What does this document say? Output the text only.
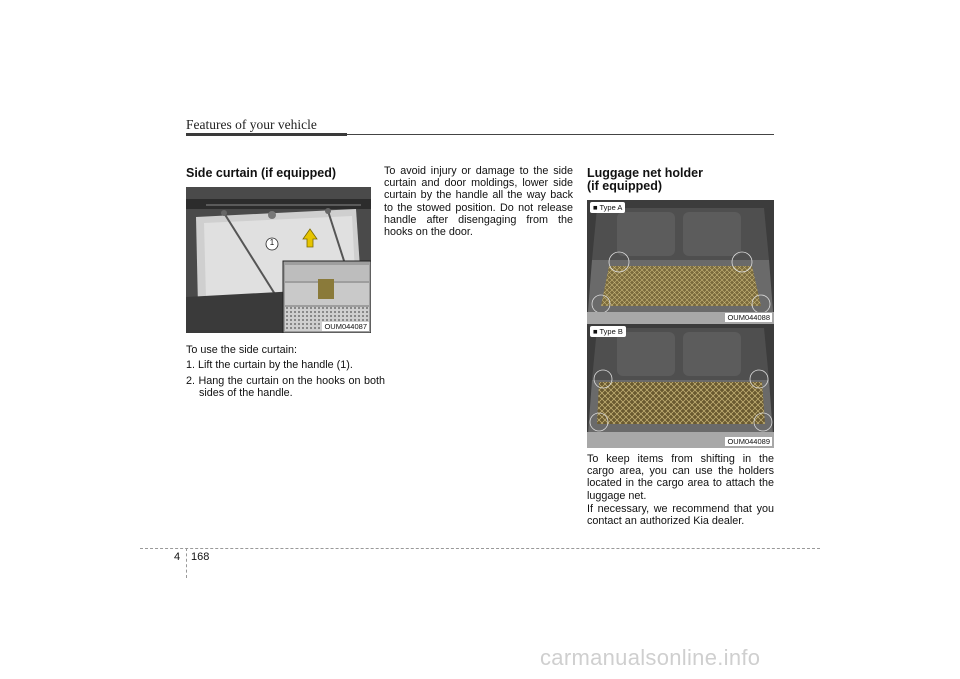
Features of your vehicle
Side curtain (if equipped)
1
OUM044087
To use the side curtain:
1. Lift the curtain by the handle (1).
2. Hang the curtain on the hooks on both sides of the handle.
To avoid injury or damage to the side curtain and door moldings, lower side curtain by the handle all the way back to the stowed position. Do not release handle after disengaging from the hooks on the door.
Luggage net holder
(if equipped)
■ Type A
OUM044088
■ Type B
OUM044089
To keep items from shifting in the cargo area, you can use the holders located in the cargo area to attach the luggage net.
If necessary, we recommend that you contact an authorized Kia dealer.
4 168
carmanualsonline.info
